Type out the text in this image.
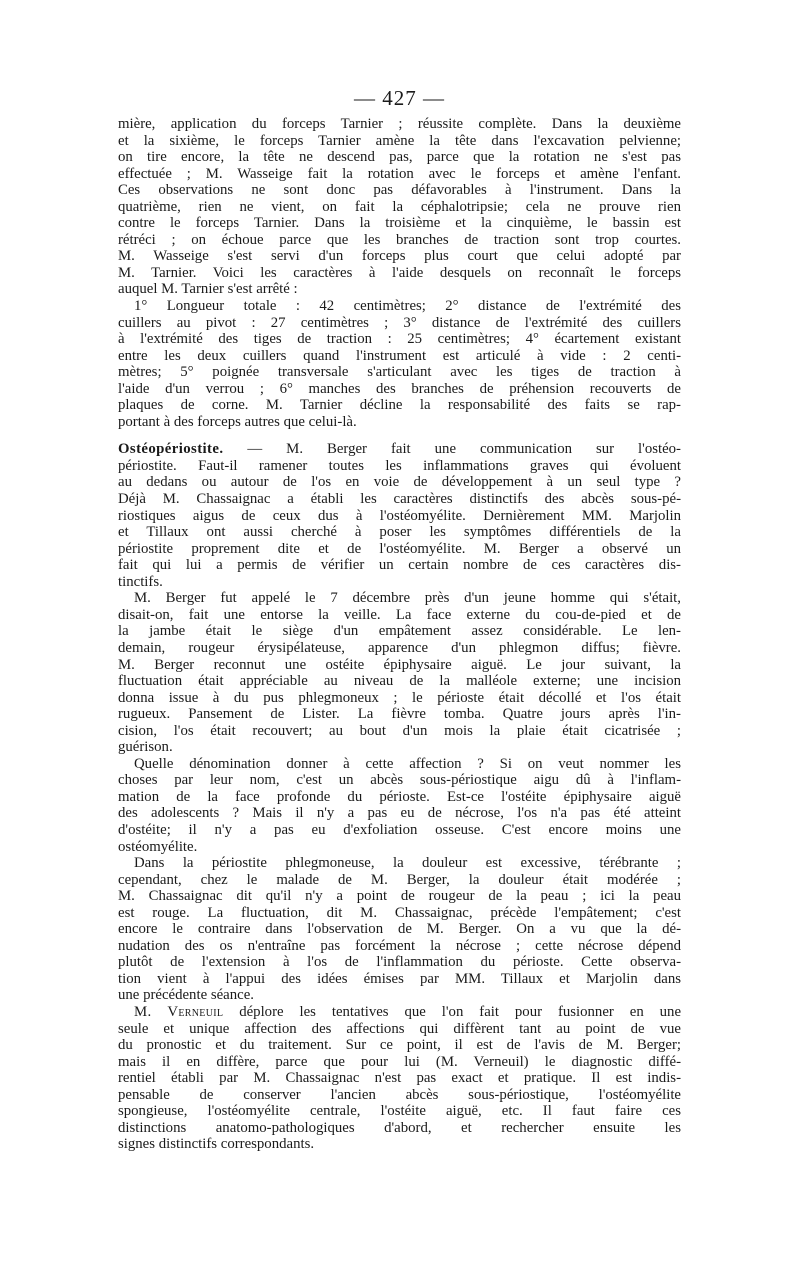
— 427 —
mière, application du forceps Tarnier ; réussite complète. Dans la deuxième
et la sixième, le forceps Tarnier amène la tête dans l'excavation pelvienne;
on tire encore, la tête ne descend pas, parce que la rotation ne s'est pas
effectuée ; M. Wasseige fait la rotation avec le forceps et amène l'enfant.
Ces observations ne sont donc pas défavorables à l'instrument. Dans la
quatrième, rien ne vient, on fait la céphalotripsie; cela ne prouve rien
contre le forceps Tarnier. Dans la troisième et la cinquième, le bassin est
rétréci ; on échoue parce que les branches de traction sont trop courtes.
M. Wasseige s'est servi d'un forceps plus court que celui adopté par
M. Tarnier. Voici les caractères à l'aide desquels on reconnaît le forceps
auquel M. Tarnier s'est arrêté :
1° Longueur totale : 42 centimètres; 2° distance de l'extrémité des
cuillers au pivot : 27 centimètres ; 3° distance de l'extrémité des cuillers
à l'extrémité des tiges de traction : 25 centimètres; 4° écartement existant
entre les deux cuillers quand l'instrument est articulé à vide : 2 centi-
mètres; 5° poignée transversale s'articulant avec les tiges de traction à
l'aide d'un verrou ; 6° manches des branches de préhension recouverts de
plaques de corne. M. Tarnier décline la responsabilité des faits se rap-
portant à des forceps autres que celui-là.
Ostéopériostite. — M. Berger fait une communication sur l'ostéo-
périostite. Faut-il ramener toutes les inflammations graves qui évoluent
au dedans ou autour de l'os en voie de développement à un seul type ?
Déjà M. Chassaignac a établi les caractères distinctifs des abcès sous-pé-
riostiques aigus de ceux dus à l'ostéomyélite. Dernièrement MM. Marjolin
et Tillaux ont aussi cherché à poser les symptômes différentiels de la
périostite proprement dite et de l'ostéomyélite. M. Berger a observé un
fait qui lui a permis de vérifier un certain nombre de ces caractères dis-
tinctifs.
M. Berger fut appelé le 7 décembre près d'un jeune homme qui s'était,
disait-on, fait une entorse la veille. La face externe du cou-de-pied et de
la jambe était le siège d'un empâtement assez considérable. Le len-
demain, rougeur érysipélateuse, apparence d'un phlegmon diffus; fièvre.
M. Berger reconnut une ostéite épiphysaire aiguë. Le jour suivant, la
fluctuation était appréciable au niveau de la malléole externe; une incision
donna issue à du pus phlegmoneux ; le périoste était décollé et l'os était
rugueux. Pansement de Lister. La fièvre tomba. Quatre jours après l'in-
cision, l'os était recouvert; au bout d'un mois la plaie était cicatrisée ;
guérison.
Quelle dénomination donner à cette affection ? Si on veut nommer les
choses par leur nom, c'est un abcès sous-périostique aigu dû à l'inflam-
mation de la face profonde du périoste. Est-ce l'ostéite épiphysaire aiguë
des adolescents ? Mais il n'y a pas eu de nécrose, l'os n'a pas été atteint
d'ostéite; il n'y a pas eu d'exfoliation osseuse. C'est encore moins une
ostéomyélite.
Dans la périostite phlegmoneuse, la douleur est excessive, térébrante ;
cependant, chez le malade de M. Berger, la douleur était modérée ;
M. Chassaignac dit qu'il n'y a point de rougeur de la peau ; ici la peau
est rouge. La fluctuation, dit M. Chassaignac, précède l'empâtement; c'est
encore le contraire dans l'observation de M. Berger. On a vu que la dé-
nudation des os n'entraîne pas forcément la nécrose ; cette nécrose dépend
plutôt de l'extension à l'os de l'inflammation du périoste. Cette observa-
tion vient à l'appui des idées émises par MM. Tillaux et Marjolin dans
une précédente séance.
M. Verneuil déplore les tentatives que l'on fait pour fusionner en une
seule et unique affection des affections qui diffèrent tant au point de vue
du pronostic et du traitement. Sur ce point, il est de l'avis de M. Berger;
mais il en diffère, parce que pour lui (M. Verneuil) le diagnostic diffé-
rentiel établi par M. Chassaignac n'est pas exact et pratique. Il est indis-
pensable de conserver l'ancien abcès sous-périostique, l'ostéomyélite
spongieuse, l'ostéomyélite centrale, l'ostéite aiguë, etc. Il faut faire ces
distinctions anatomo-pathologiques d'abord, et rechercher ensuite les
signes distinctifs correspondants.
